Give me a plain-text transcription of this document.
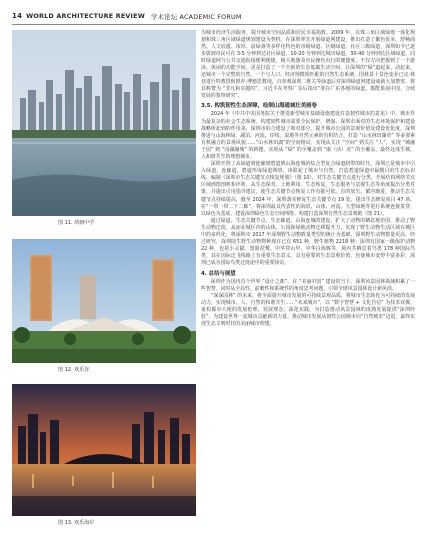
14 WORLD ARCHITECTURE REVIEW 学术论坛 ACADEMIC FORUM
图 11. 靖塘中学
图 12. 欢乐谷
图 13. 欢乐海岸

为城市经济生活服务，提升城市空间品质和居民幸福指数。2009 年，以珠三角区域绿地一体化规划和珠三角区域绿道规划建设为契机，在深圳率先开展绿道网建设，推出打造了繁色优美、舒畅曲然、人文底蕴、浓厚、晨绿盏等多样化特色的市级绿道、区级绿道、社区三级绿道，深圳如今已逐步拔到市民可在 3-5 分钟到达社区绿道，10-20 分钟到达城市绿道，30-40 分钟到达区域绿道，同时绿道网与公共交通衔接便利便捷，极大地惠及市民操色出行的便捷度，不仅方向把握到了一个游泳、休闲的功能空间，更是打造了一个全新的生态低碳生活空间，让深圳的“绿”道起来、动起来，还城市一个完整的自然，一个与人口、经济规模相匹配的自然生态系统，国林景十景色变业已完·林巷进行特教授和推荐·博德思教现，自参观深圳二维关等绿道后对深圳绿道网建设成就大加赞赏，将其称赞为 “非凡和卓越的”，习近平在考察广东后指出“要在广东各地的绿道，都能果展中国，合续发展的鉴察研究”。

3.5. 构筑韧性生态屏障，绘制山海通城壮美画卷

2024 年《中共中央国务院关于推进新型城市基础设施建设打造韧性城市的意见》中，城市作为最复杂的社会生态系统，构建韧性城市需要全民保护、增强、深圳市面对的生态环境保护和建设战略所起到的作用多，深圳市的合建设了和对部分，提升城市公园的景观价值及建设优化度，深圳推进与山海林绿、湖泊、河流、岸线、湿地等自然元素的有机结合，打造 “山水林田湖草” 等多要素有机融合的景观风貌……“山水林田湖”的空间格局，实现从关注 “空间” 到关注 “人”，实现 “城融于园” 到 “园湖融城” 的跨越，实现从 “绿” 的全覆盖到 “康（活）美” 的全覆盖，最终这成生城、人和谐共生的理想城市。

深圳开创了从绿道到连廊到碧道到山海连城的综合型复合绿道纽带的时代，深圳已是城市中引入绿道、连廊道、碧道形成绿道网络、串联起了城市与自然，打造碧道绿道中最醒目的生态标识线。编制《深圳市生态关键节点恢复规划》（图 10），对生态关键节点进行分类，开展结构网络节点区域画图剖析和评析、从生态保育、土地利用、生态恢复、生态服务与景观生态等角度提出分类对策，并提出引用指导建议，使生态关键节点恢复工作有据可依、有的放矢、循序渐进，推动生态关键节点持续提高，截至 2024 年，深圳落实修复生态关键节点 19 处、提出生态修复项目 47 项、在“一带一带二十二廊”，将深圳最具代表性的海滨、山体、河流、大型绿地等进行系统连接贯穿，以绿色为基底、建设深圳绿色生态空间网络、构建打造深圳自然生态景观链（图 21）。

通过绿道、生态关键节点、生态廊道、山海连城的建设，扩大了动物的栖息地范围，推动了野生动物迁徙，从而在城区内的山体、公园和绿地动物迁移提升力，实现了野生动物生活区域在城区中的多样化，将深圳市 2017 年深圳野生动物数量类型的统计为基础，深圳野生动物数量更高，经过研究，深圳陆生野生动物物种现在已有 651 种，野生植物 2218 种；深圳有国家一级保护动物 22 种，包括小灵猫、黑脸琵鹭、中华穿山甲、中华白海豚等，境内共栖息着鸟类 178 种国际鸟类，其在国际迁飞线路上有重要生态意义，具有重要的生态景观价值，也使城市变得丰富多彩，深圳已成为国际鸟类迁徙途中的重要驿站。

4. 总结与展望

深圳作为国内首个世界 “设计之都”，在 “美丽中国” 建设的当下，深圳风景园林领域积累了一些智慧，同时从全局性、前瞻性和系统性的角度思考问题，引领全球风景园林设计新风尚。

“深深园林” 的未来，将全面提升城市发展的可持续景观品质，将城市生态转化为可持续的发展动力，实现城市、人、自然的和谐共生……“未来城市”，以 “数字智慧 + 文化自信” 为技术双翼，重构都市大地的发展伦理。发展理念，深化实践，为打造推动风景园林的成熟发展提供“深圳经验”，为建设世界一流城市贡献新的力量，推动城市发展从韧性公园城市向“自然城市”迈进，最终实现生态文明时代的美丽城市理想。
